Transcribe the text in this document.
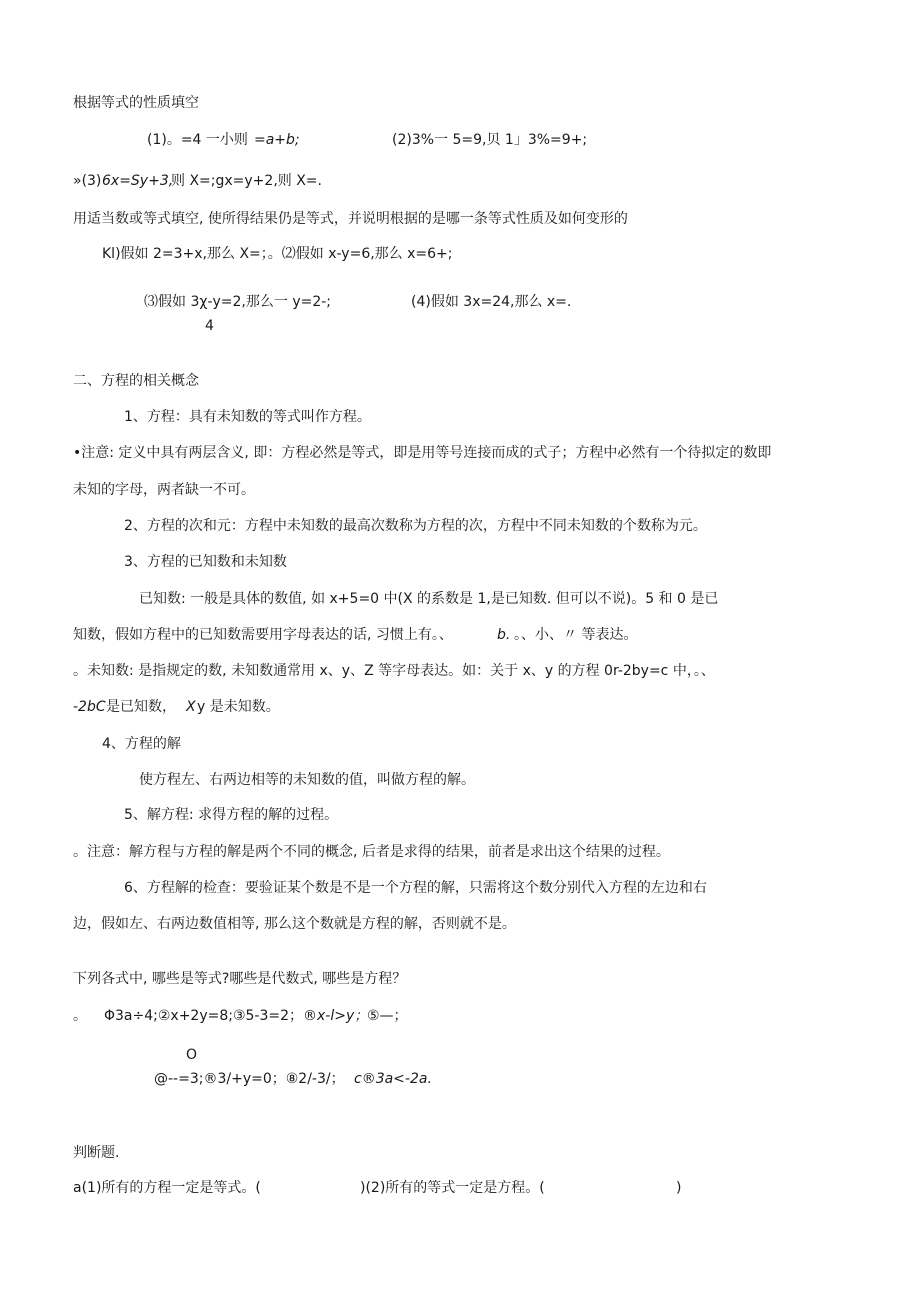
根据等式的性质填空
(1)。=4 一小则 =a+b;	(2)3%一 5=9,贝 1」3%=9+;
»(3) 6x=Sy+3,
则 X=;gx=y+2,则 X=.
用适当数或等式填空, 使所得结果仍是等式，并说明根据的是哪一条等式性质及如何变形的
Kl)假如 2=3+x,那么 X=；。⑵假如 x-y=6,那么 x=6+;
⑶假如 3χ-y=2,那么一 y=2-;	(4)假如 3x=24,那么 x=.
4
二、方程的相关概念
1、方程：具有未知数的等式叫作方程。
•注意: 定义中具有两层含义, 即：方程必然是等式，即是用等号连接而成的式子；方程中必然有一个待拟定的数即
未知的字母，两者缺一不可。
2、方程的次和元：方程中未知数的最高次数称为方程的次，方程中不同未知数的个数称为元。
3、方程的已知数和未知数
已知数: 一般是具体的数值, 如 x+5=0 中(X 的系数是 1,是已知数. 但可以不说)。5 和 0 是已
知数，假如方程中的已知数需要用字母表达的话, 习惯上有。、	b. 。、小、〃 等表达。
。未知数: 是指规定的数, 未知数通常用 x、y、Z 等字母表达。如：关于 x、y 的方程 0r-2by=c 中，。、
-2bC 是已知数， X y 是未知数。
4、方程的解
使方程左、右两边相等的未知数的值，叫做方程的解。
5、解方程: 求得方程的解的过程。
。注意：解方程与方程的解是两个不同的概念, 后者是求得的结果，前者是求出这个结果的过程。
6、方程解的检查：要验证某个数是不是一个方程的解，只需将这个数分别代入方程的左边和右
边，假如左、右两边数值相等, 那么这个数就是方程的解，否则就不是。
下列各式中, 哪些是等式?哪些是代数式, 哪些是方程？
。 Φ3a÷4;②x+2y=8;③5-3=2； ®x-l>y；
⑤—；
O
@--=3;®3/+y=0；⑧2/-3/； c®3a<-2a.
判断题.
a(1)所有的方程一定是等式。(	)(2)所有的等式一定是方程。(	)
